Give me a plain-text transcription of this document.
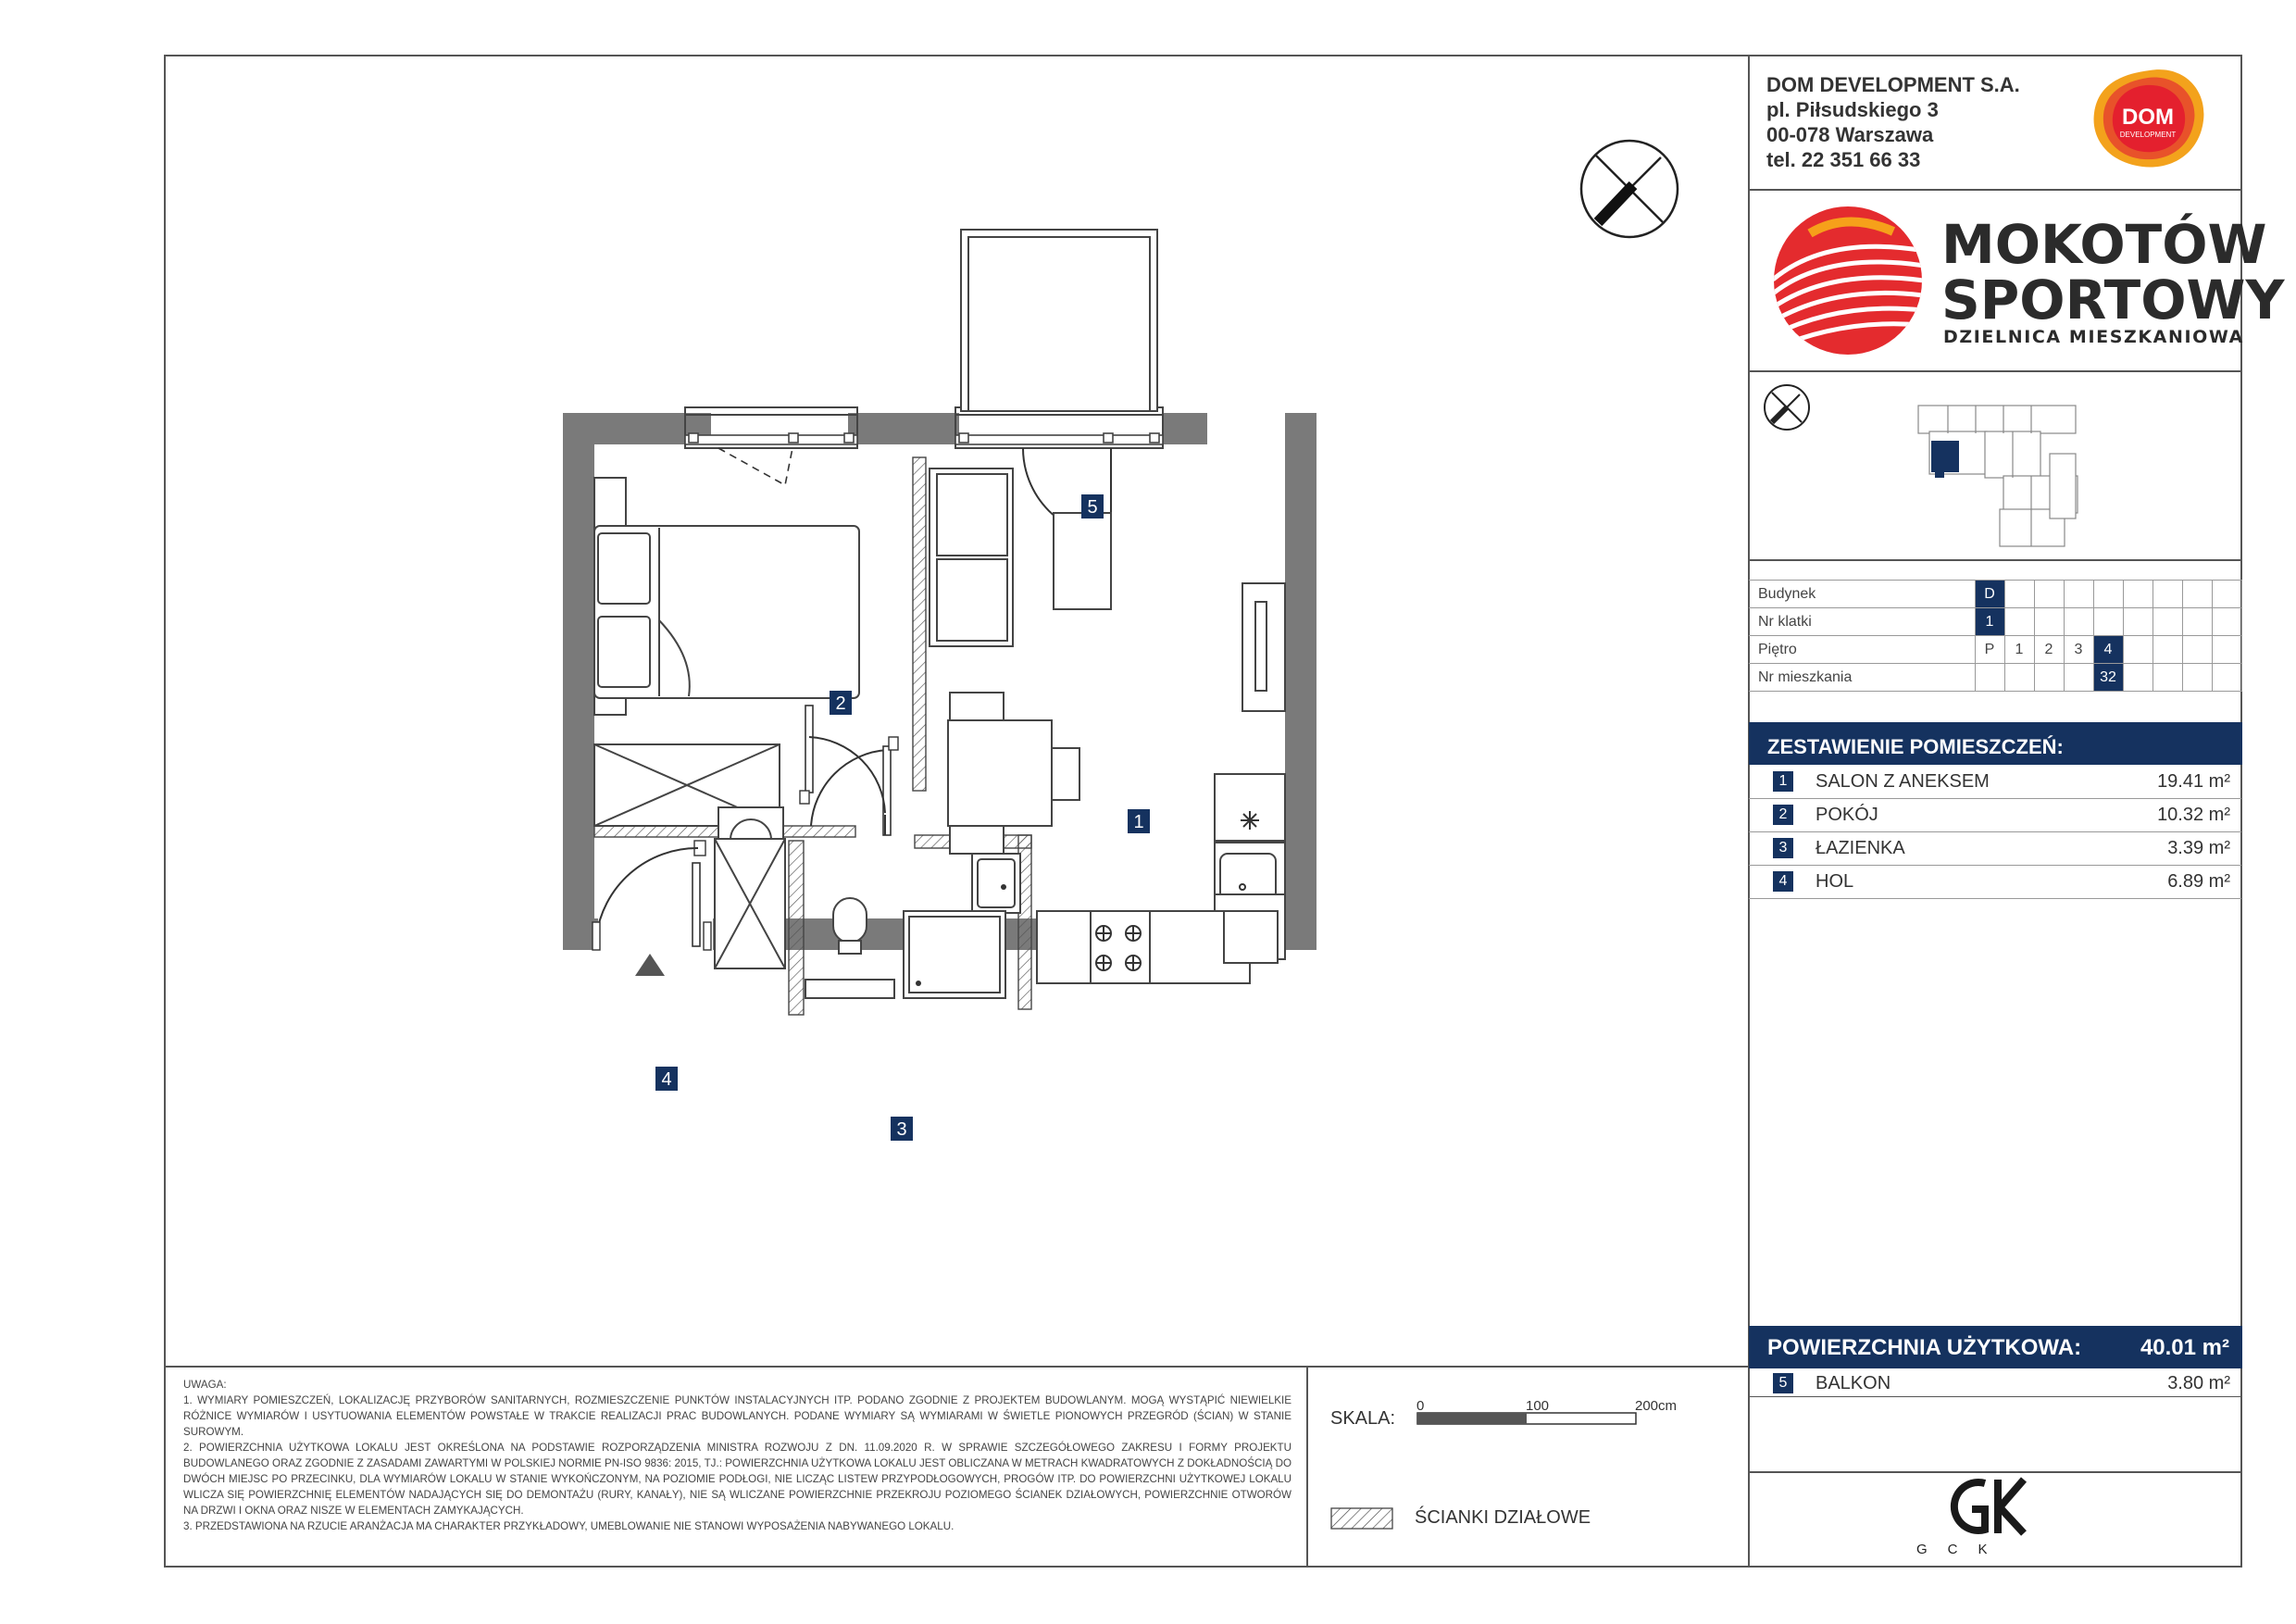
DOM DEVELOPMENT S.A.
pl. Piłsudskiego 3
00-078 Warszawa
tel. 22 351 66 33
DOM
DEVELOPMENT
MOKOTÓW
SPORTOWY
DZIELNICA MIESZKANIOWA
Budynek	D								
Nr klatki	1								
Piętro	P	1	2	3	4				
Nr mieszkania					32				
ZESTAWIENIE POMIESZCZEŃ:
1	SALON Z ANEKSEM	19.41 m²
2	POKÓJ	10.32 m²
3	ŁAZIENKA	3.39 m²
4	HOL	6.89 m²
POWIERZCHNIA UŻYTKOWA:	40.01 m²
5	BALKON	3.80 m²
GCK

UWAGA:

1. WYMIARY POMIESZCZEŃ, LOKALIZACJĘ PRZYBORÓW SANITARNYCH, ROZMIESZCZENIE PUNKTÓW INSTALACYJNYCH ITP. PODANO ZGODNIE Z PROJEKTEM BUDOWLANYM. MOGĄ WYSTĄPIĆ NIEWIELKIE RÓŻNICE WYMIARÓW I USYTUOWANIA ELEMENTÓW POWSTAŁE W TRAKCIE REALIZACJI PRAC BUDOWLANYCH. PODANE WYMIARY SĄ WYMIARAMI W ŚWIETLE PIONOWYCH PRZEGRÓD (ŚCIAN) W STANIE SUROWYM.

2. POWIERZCHNIA UŻYTKOWA LOKALU JEST OKREŚLONA NA PODSTAWIE ROZPORZĄDZENIA MINISTRA ROZWOJU Z DN. 11.09.2020 R. W SPRAWIE SZCZEGÓŁOWEGO ZAKRESU I FORMY PROJEKTU BUDOWLANEGO ORAZ ZGODNIE Z ZASADAMI ZAWARTYMI W POLSKIEJ NORMIE PN-ISO 9836: 2015, TJ.: POWIERZCHNIA UŻYTKOWA LOKALU JEST OBLICZANA W METRACH KWADRATOWYCH Z DOKŁADNOŚCIĄ DO DWÓCH MIEJSC PO PRZECINKU, DLA WYMIARÓW LOKALU W STANIE WYKOŃCZONYM, NA POZIOMIE PODŁOGI, NIE LICZĄC LISTEW PRZYPODŁOGOWYCH, PROGÓW ITP. DO POWIERZCHNI UŻYTKOWEJ LOKALU WLICZA SIĘ POWIERZCHNIĘ ELEMENTÓW NADAJĄCYCH SIĘ DO DEMONTAŻU (RURY, KANAŁY), NIE SĄ WLICZANE POWIERZCHNIE PRZEKROJU POZIOMEGO ŚCIANEK DZIAŁOWYCH, POWIERZCHNIE OTWORÓW NA DRZWI I OKNA ORAZ NISZE W ELEMENTACH ZAMYKAJĄCYCH.

3. PRZEDSTAWIONA NA RZUCIE ARANŻACJA MA CHARAKTER PRZYKŁADOWY, UMEBLOWANIE NIE STANOWI WYPOSAŻENIA NABYWANEGO LOKALU.

SKALA:
0	100	200cm
ŚCIANKI DZIAŁOWE
1
2
3
4
5
